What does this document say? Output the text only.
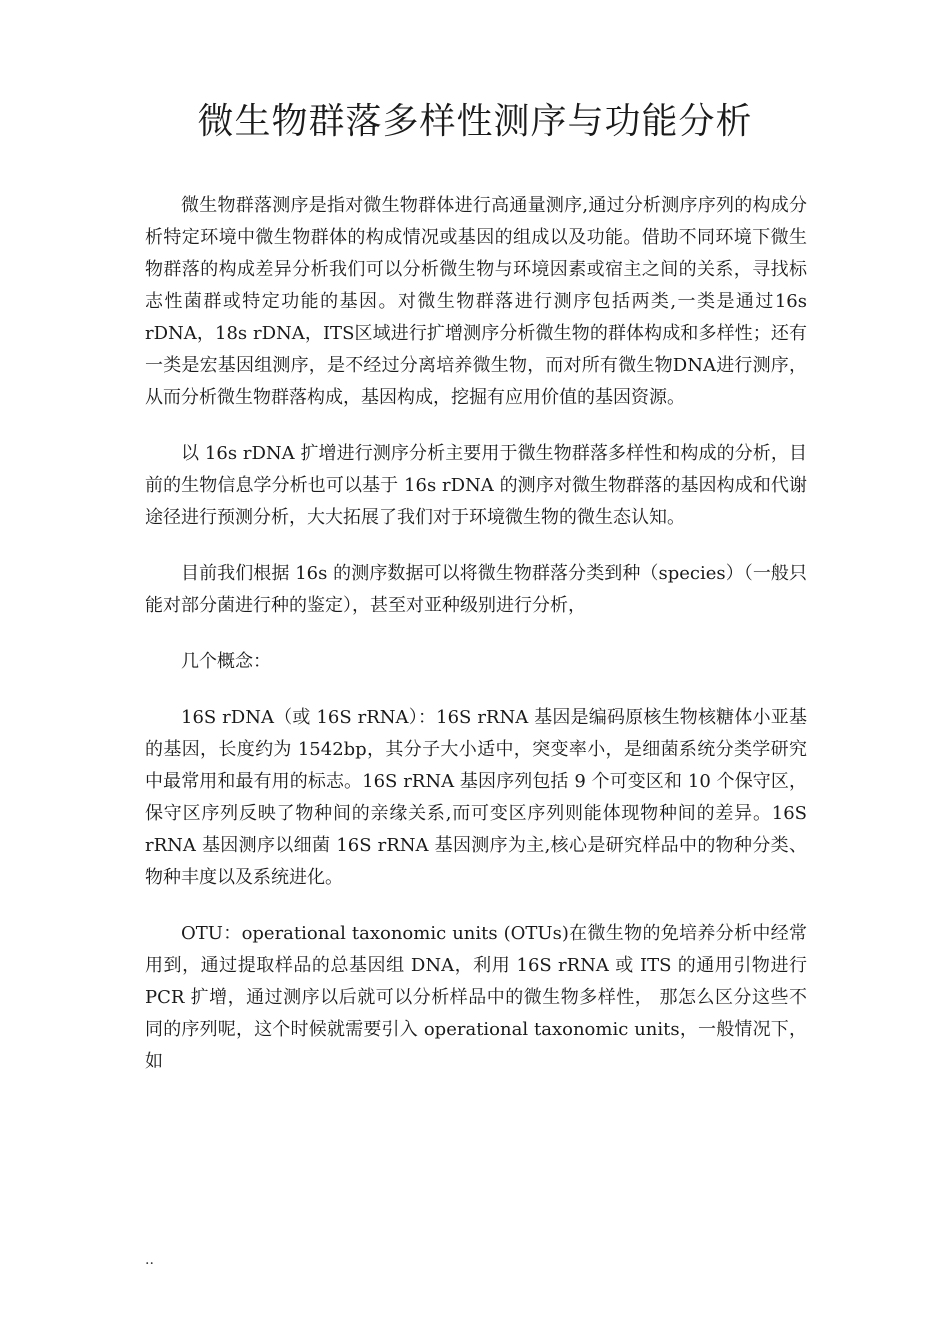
微生物群落多样性测序与功能分析

微生物群落测序是指对微生物群体进行高通量测序,通过分析测序序列的构成分析特定环境中微生物群体的构成情况或基因的组成以及功能。借助不同环境下微生物群落的构成差异分析我们可以分析微生物与环境因素或宿主之间的关系，寻找标志性菌群或特定功能的基因。对微生物群落进行测序包括两类,一类是通过16s rDNA，18s rDNA，ITS区域进行扩增测序分析微生物的群体构成和多样性；还有一类是宏基因组测序，是不经过分离培养微生物，而对所有微生物DNA进行测序，从而分析微生物群落构成，基因构成，挖掘有应用价值的基因资源。

以 16s rDNA 扩增进行测序分析主要用于微生物群落多样性和构成的分析，目前的生物信息学分析也可以基于 16s rDNA 的测序对微生物群落的基因构成和代谢途径进行预测分析，大大拓展了我们对于环境微生物的微生态认知。

目前我们根据 16s 的测序数据可以将微生物群落分类到种（species）（一般只能对部分菌进行种的鉴定），甚至对亚种级别进行分析，

几个概念：

16S rDNA（或 16S rRNA）：16S rRNA 基因是编码原核生物核糖体小亚基的基因，长度约为 1542bp，其分子大小适中，突变率小，是细菌系统分类学研究中最常用和最有用的标志。16S rRNA 基因序列包括 9 个可变区和 10 个保守区，保守区序列反映了物种间的亲缘关系,而可变区序列则能体现物种间的差异。16S rRNA 基因测序以细菌 16S rRNA 基因测序为主,核心是研究样品中的物种分类、物种丰度以及系统进化。

OTU：operational taxonomic units (OTUs)在微生物的免培养分析中经常用到，通过提取样品的总基因组 DNA，利用 16S rRNA 或 ITS 的通用引物进行 PCR 扩增，通过测序以后就可以分析样品中的微生物多样性， 那怎么区分这些不同的序列呢，这个时候就需要引入 operational taxonomic units，一般情况下，如

..
